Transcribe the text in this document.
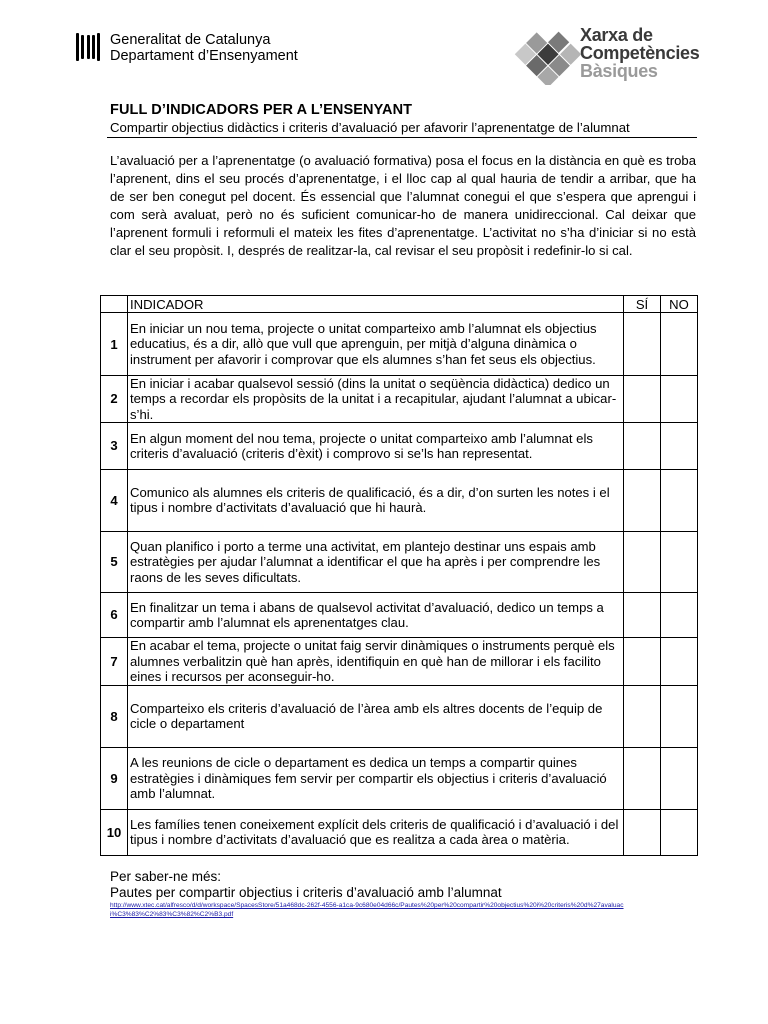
Generalitat de Catalunya
Departament d’Ensenyament
Xarxa de
Competències
Bàsiques
FULL D’INDICADORS PER A L’ENSENYANT
Compartir objectius didàctics i criteris d’avaluació per afavorir l’aprenentatge de l’alumnat
L’avaluació per a l’aprenentatge (o avaluació formativa) posa el focus en la distància en què es troba l’aprenent, dins el seu procés d’aprenentatge, i el lloc cap al qual hauria de tendir a arribar, que ha de ser ben conegut pel docent. És essencial que l’alumnat conegui el que s’espera que aprengui i com serà avaluat, però no és suficient comunicar-ho de manera unidireccional. Cal deixar que l’aprenent formuli i reformuli el mateix les fites d’aprenentatge. L’activitat no s’ha d’iniciar si no està clar el seu propòsit. I, després de realitzar-la, cal revisar el seu propòsit i redefinir-lo si cal.
	INDICADOR	SÍ	NO
1	En iniciar un nou tema, projecte o unitat comparteixo amb l’alumnat els objectius educatius, és a dir, allò que vull que aprenguin, per mitjà d’alguna dinàmica o instrument per afavorir i comprovar que els alumnes s’han fet seus els objectius.		
2	En iniciar i acabar qualsevol sessió (dins la unitat o seqüència didàctica) dedico un temps a recordar els propòsits de la unitat i a recapitular, ajudant l’alumnat a ubicar-s’hi.		
3	En algun moment del nou tema, projecte o unitat comparteixo amb l’alumnat els criteris d’avaluació (criteris d’èxit) i comprovo si se’ls han representat.		
4	Comunico als alumnes els criteris de qualificació, és a dir, d’on surten les notes i el tipus i nombre d’activitats d’avaluació que hi haurà.		
5	Quan planifico i porto a terme una activitat, em plantejo destinar uns espais amb estratègies per ajudar l’alumnat a identificar el que ha après i per comprendre les raons de les seves dificultats.		
6	En finalitzar un tema i abans de qualsevol activitat d’avaluació, dedico un temps a compartir amb l’alumnat els aprenentatges clau.		
7	En acabar el tema, projecte o unitat faig servir dinàmiques o instruments perquè els alumnes verbalitzin què han après, identifiquin en què han de millorar i els facilito eines i recursos per aconseguir-ho.		
8	Comparteixo els criteris d’avaluació de l’àrea amb els altres docents de l’equip de cicle o departament		
9	A les reunions de cicle o departament es dedica un temps a compartir quines estratègies i dinàmiques fem servir per compartir els objectius i criteris d’avaluació amb l’alumnat.		
10	Les famílies tenen coneixement explícit dels criteris de qualificació i d’avaluació i del tipus i nombre d’activitats d’avaluació que es realitza a cada àrea o matèria.		
Per saber-ne més:
Pautes per compartir objectius i criteris d’avaluació amb l’alumnat
http://www.xtec.cat/alfresco/d/d/workspace/SpacesStore/51a468dc-262f-4556-a1ca-9c680e04d66c/Pautes%20per%20compartir%20objectius%20i%20criteris%20d%27avaluaci%C3%83%C2%83%C3%82%C2%B3.pdf
